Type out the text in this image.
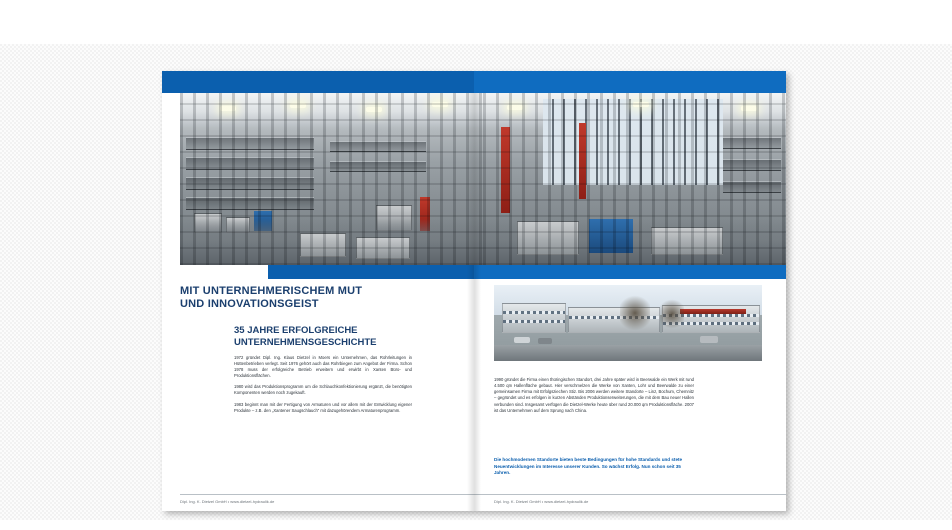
MIT UNTERNEHMERISCHEM MUT
UND INNOVATIONSGEIST
35 JAHRE ERFOLGREICHE
UNTERNEHMENSGESCHICHTE

1972 gründet Dipl. Ing. Klaus Dietzel in Moers ein Unternehmen, das Rohrleitungen in Hüttenbetrieben verlegt. Seit 1976 gehört auch das Rohrbiegen zum Angebot der Firma. Schon 1978 muss der erfolgreiche Betrieb erweitern und erwirbt in Xanten Büro- und Produktionsflächen.

1980 wird das Produktionsprogramm um die Schlauchkonfektionierung ergänzt, die benötigten Komponenten werden noch zugekauft.

1983 beginnt man mit der Fertigung von Armaturen und vor allem mit der Entwicklung eigener Produkte – z.B. den „Xantener Saugschlauch“ mit dazugehörendem Armaturenprogramm.

1990 gründet die Firma einen thüringischen Standort, drei Jahre später wird in Beerwalde ein Werk mit rund 4.500 qm Hallenfläche gebaut. Hier verschmelzen die Werke von Xanten, Lohr und Beerwalde zu einer gemeinsamen Firma mit Erfolgsziechen Stiz. Bis 2006 werden weitere Standorte – Linz, Bochum, Chemnitz – gegründet und es erfolgen in kurzen Abständen Produktionserweiterungen, die mit dem Bau neuer Hallen verbunden sind. Insgesamt verfügen die Dietzel-Werke heute über rund 20.000 qm Produktionsfläche. 2007 ist das Unternehmen auf dem Sprung nach China.

Die hochmodernen Standorte bieten beste Bedingungen für hohe Standards und stete Neuentwicklungen im Interesse unserer Kunden. So wächst Erfolg. Nun schon seit 35 Jahren.
Dipl. Ing. K. Dietzel GmbH • www.dietzel-hydraulik.de	Dipl. Ing. K. Dietzel GmbH • www.dietzel-hydraulik.de
